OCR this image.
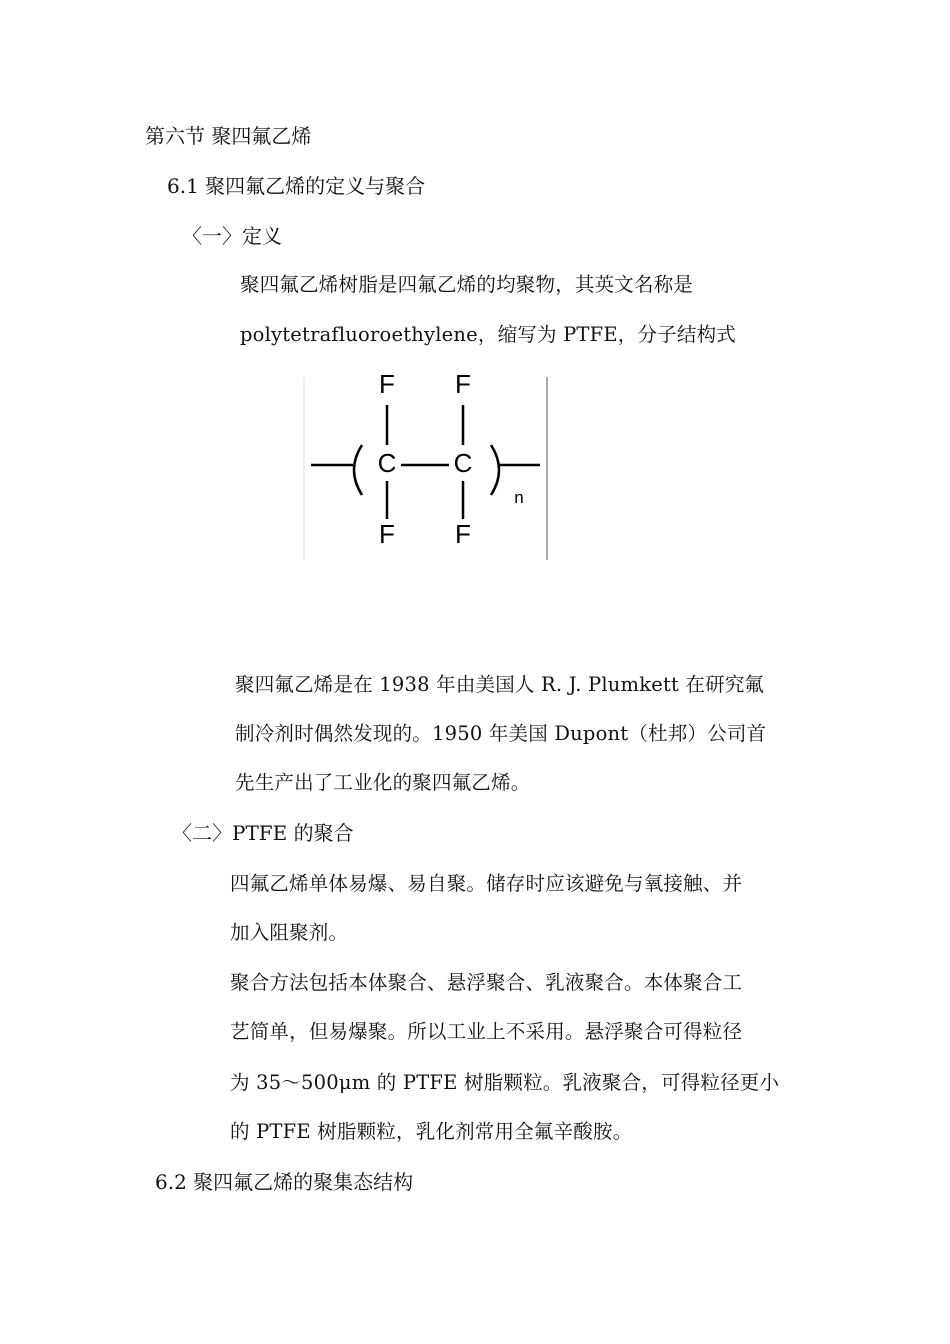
第六节 聚四氟乙烯
6.1 聚四氟乙烯的定义与聚合
〈一〉定义
聚四氟乙烯树脂是四氟乙烯的均聚物，其英文名称是
polytetrafluoroethylene，缩写为 PTFE，分子结构式
F F
C C
n
F F
聚四氟乙烯是在 1938 年由美国人 R. J. Plumkett 在研究氟
制冷剂时偶然发现的。1950 年美国 Dupont（杜邦）公司首
先生产出了工业化的聚四氟乙烯。
〈二〉PTFE 的聚合
四氟乙烯单体易爆、易自聚。储存时应该避免与氧接触、并
加入阻聚剂。
聚合方法包括本体聚合、悬浮聚合、乳液聚合。本体聚合工
艺简单，但易爆聚。所以工业上不采用。悬浮聚合可得粒径
为 35～500μm 的 PTFE 树脂颗粒。乳液聚合，可得粒径更小
的 PTFE 树脂颗粒，乳化剂常用全氟辛酸胺。
6.2 聚四氟乙烯的聚集态结构
